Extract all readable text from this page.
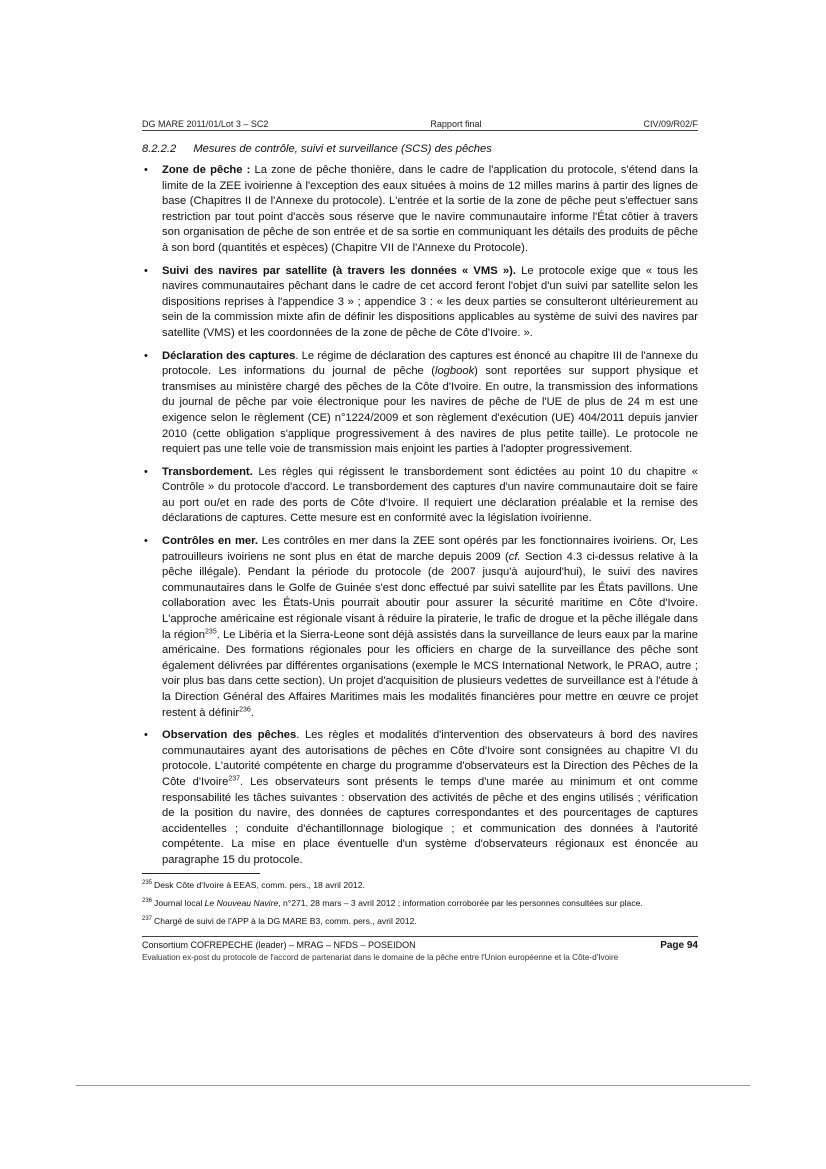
DG MARE 2011/01/Lot 3 – SC2	Rapport final	CIV/09/R02/F
8.2.2.2 Mesures de contrôle, suivi et surveillance (SCS) des pêches
• Zone de pêche : La zone de pêche thonière, dans le cadre de l'application du protocole, s'étend dans la limite de la ZEE ivoirienne à l'exception des eaux situées à moins de 12 milles marins à partir des lignes de base (Chapitres II de l'Annexe du protocole). L'entrée et la sortie de la zone de pêche peut s'effectuer sans restriction par tout point d'accès sous réserve que le navire communautaire informe l'État côtier à travers son organisation de pêche de son entrée et de sa sortie en communiquant les détails des produits de pêche à son bord (quantités et espèces) (Chapitre VII de l'Annexe du Protocole).
• Suivi des navires par satellite (à travers les données « VMS »). Le protocole exige que « tous les navires communautaires pêchant dans le cadre de cet accord feront l'objet d'un suivi par satellite selon les dispositions reprises à l'appendice 3 » ; appendice 3 : « les deux parties se consulteront ultérieurement au sein de la commission mixte afin de définir les dispositions applicables au système de suivi des navires par satellite (VMS) et les coordonnées de la zone de pêche de Côte d'Ivoire. ».
• Déclaration des captures. Le régime de déclaration des captures est énoncé au chapitre III de l'annexe du protocole. Les informations du journal de pêche (logbook) sont reportées sur support physique et transmises au ministère chargé des pêches de la Côte d'Ivoire. En outre, la transmission des informations du journal de pêche par voie électronique pour les navires de pêche de l'UE de plus de 24 m est une exigence selon le règlement (CE) n°1224/2009 et son règlement d'exécution (UE) 404/2011 depuis janvier 2010 (cette obligation s'applique progressivement à des navires de plus petite taille). Le protocole ne requiert pas une telle voie de transmission mais enjoint les parties à l'adopter progressivement.
• Transbordement. Les règles qui régissent le transbordement sont édictées au point 10 du chapitre « Contrôle » du protocole d'accord. Le transbordement des captures d'un navire communautaire doit se faire au port ou/et en rade des ports de Côte d'Ivoire. Il requiert une déclaration préalable et la remise des déclarations de captures. Cette mesure est en conformité avec la législation ivoirienne.
• Contrôles en mer. Les contrôles en mer dans la ZEE sont opérés par les fonctionnaires ivoiriens. Or, Les patrouilleurs ivoiriens ne sont plus en état de marche depuis 2009 (cf. Section 4.3 ci-dessus relative à la pêche illégale). Pendant la période du protocole (de 2007 jusqu'à aujourd'hui), le suivi des navires communautaires dans le Golfe de Guinée s'est donc effectué par suivi satellite par les États pavillons. Une collaboration avec les États-Unis pourrait aboutir pour assurer la sécurité maritime en Côte d'Ivoire. L'approche américaine est régionale visant à réduire la piraterie, le trafic de drogue et la pêche illégale dans la région$^{235}$. Le Libéria et la Sierra-Leone sont déjà assistés dans la surveillance de leurs eaux par la marine américaine. Des formations régionales pour les officiers en charge de la surveillance des pêche sont également délivrées par différentes organisations (exemple le MCS International Network, le PRAO, autre ; voir plus bas dans cette section). Un projet d'acquisition de plusieurs vedettes de surveillance est à l'étude à la Direction Général des Affaires Maritimes mais les modalités financières pour mettre en œuvre ce projet restent à définir$^{236}$.
• Observation des pêches. Les règles et modalités d'intervention des observateurs à bord des navires communautaires ayant des autorisations de pêches en Côte d'Ivoire sont consignées au chapitre VI du protocole. L'autorité compétente en charge du programme d'observateurs est la Direction des Pêches de la Côte d'Ivoire$^{237}$. Les observateurs sont présents le temps d'une marée au minimum et ont comme responsabilité les tâches suivantes : observation des activités de pêche et des engins utilisés ; vérification de la position du navire, des données de captures correspondantes et des pourcentages de captures accidentelles ; conduite d'échantillonnage biologique ; et communication des données à l'autorité compétente. La mise en place éventuelle d'un système d'observateurs régionaux est énoncée au paragraphe 15 du protocole.
$^{235}$ Desk Côte d'Ivoire à EEAS, comm. pers., 18 avril 2012.
$^{236}$ Journal local Le Nouveau Navire, n°271, 28 mars – 3 avril 2012 ; information corroborée par les personnes consultées sur place.
$^{237}$ Chargé de suivi de l'APP à la DG MARE B3, comm. pers., avril 2012.
Consortium COFREPECHE (leader) – MRAG – NFDS – POSEIDON	Page 94
Evaluation ex-post du protocole de l'accord de partenariat dans le domaine de la pêche entre l'Union européenne et la Côte-d'Ivoire
